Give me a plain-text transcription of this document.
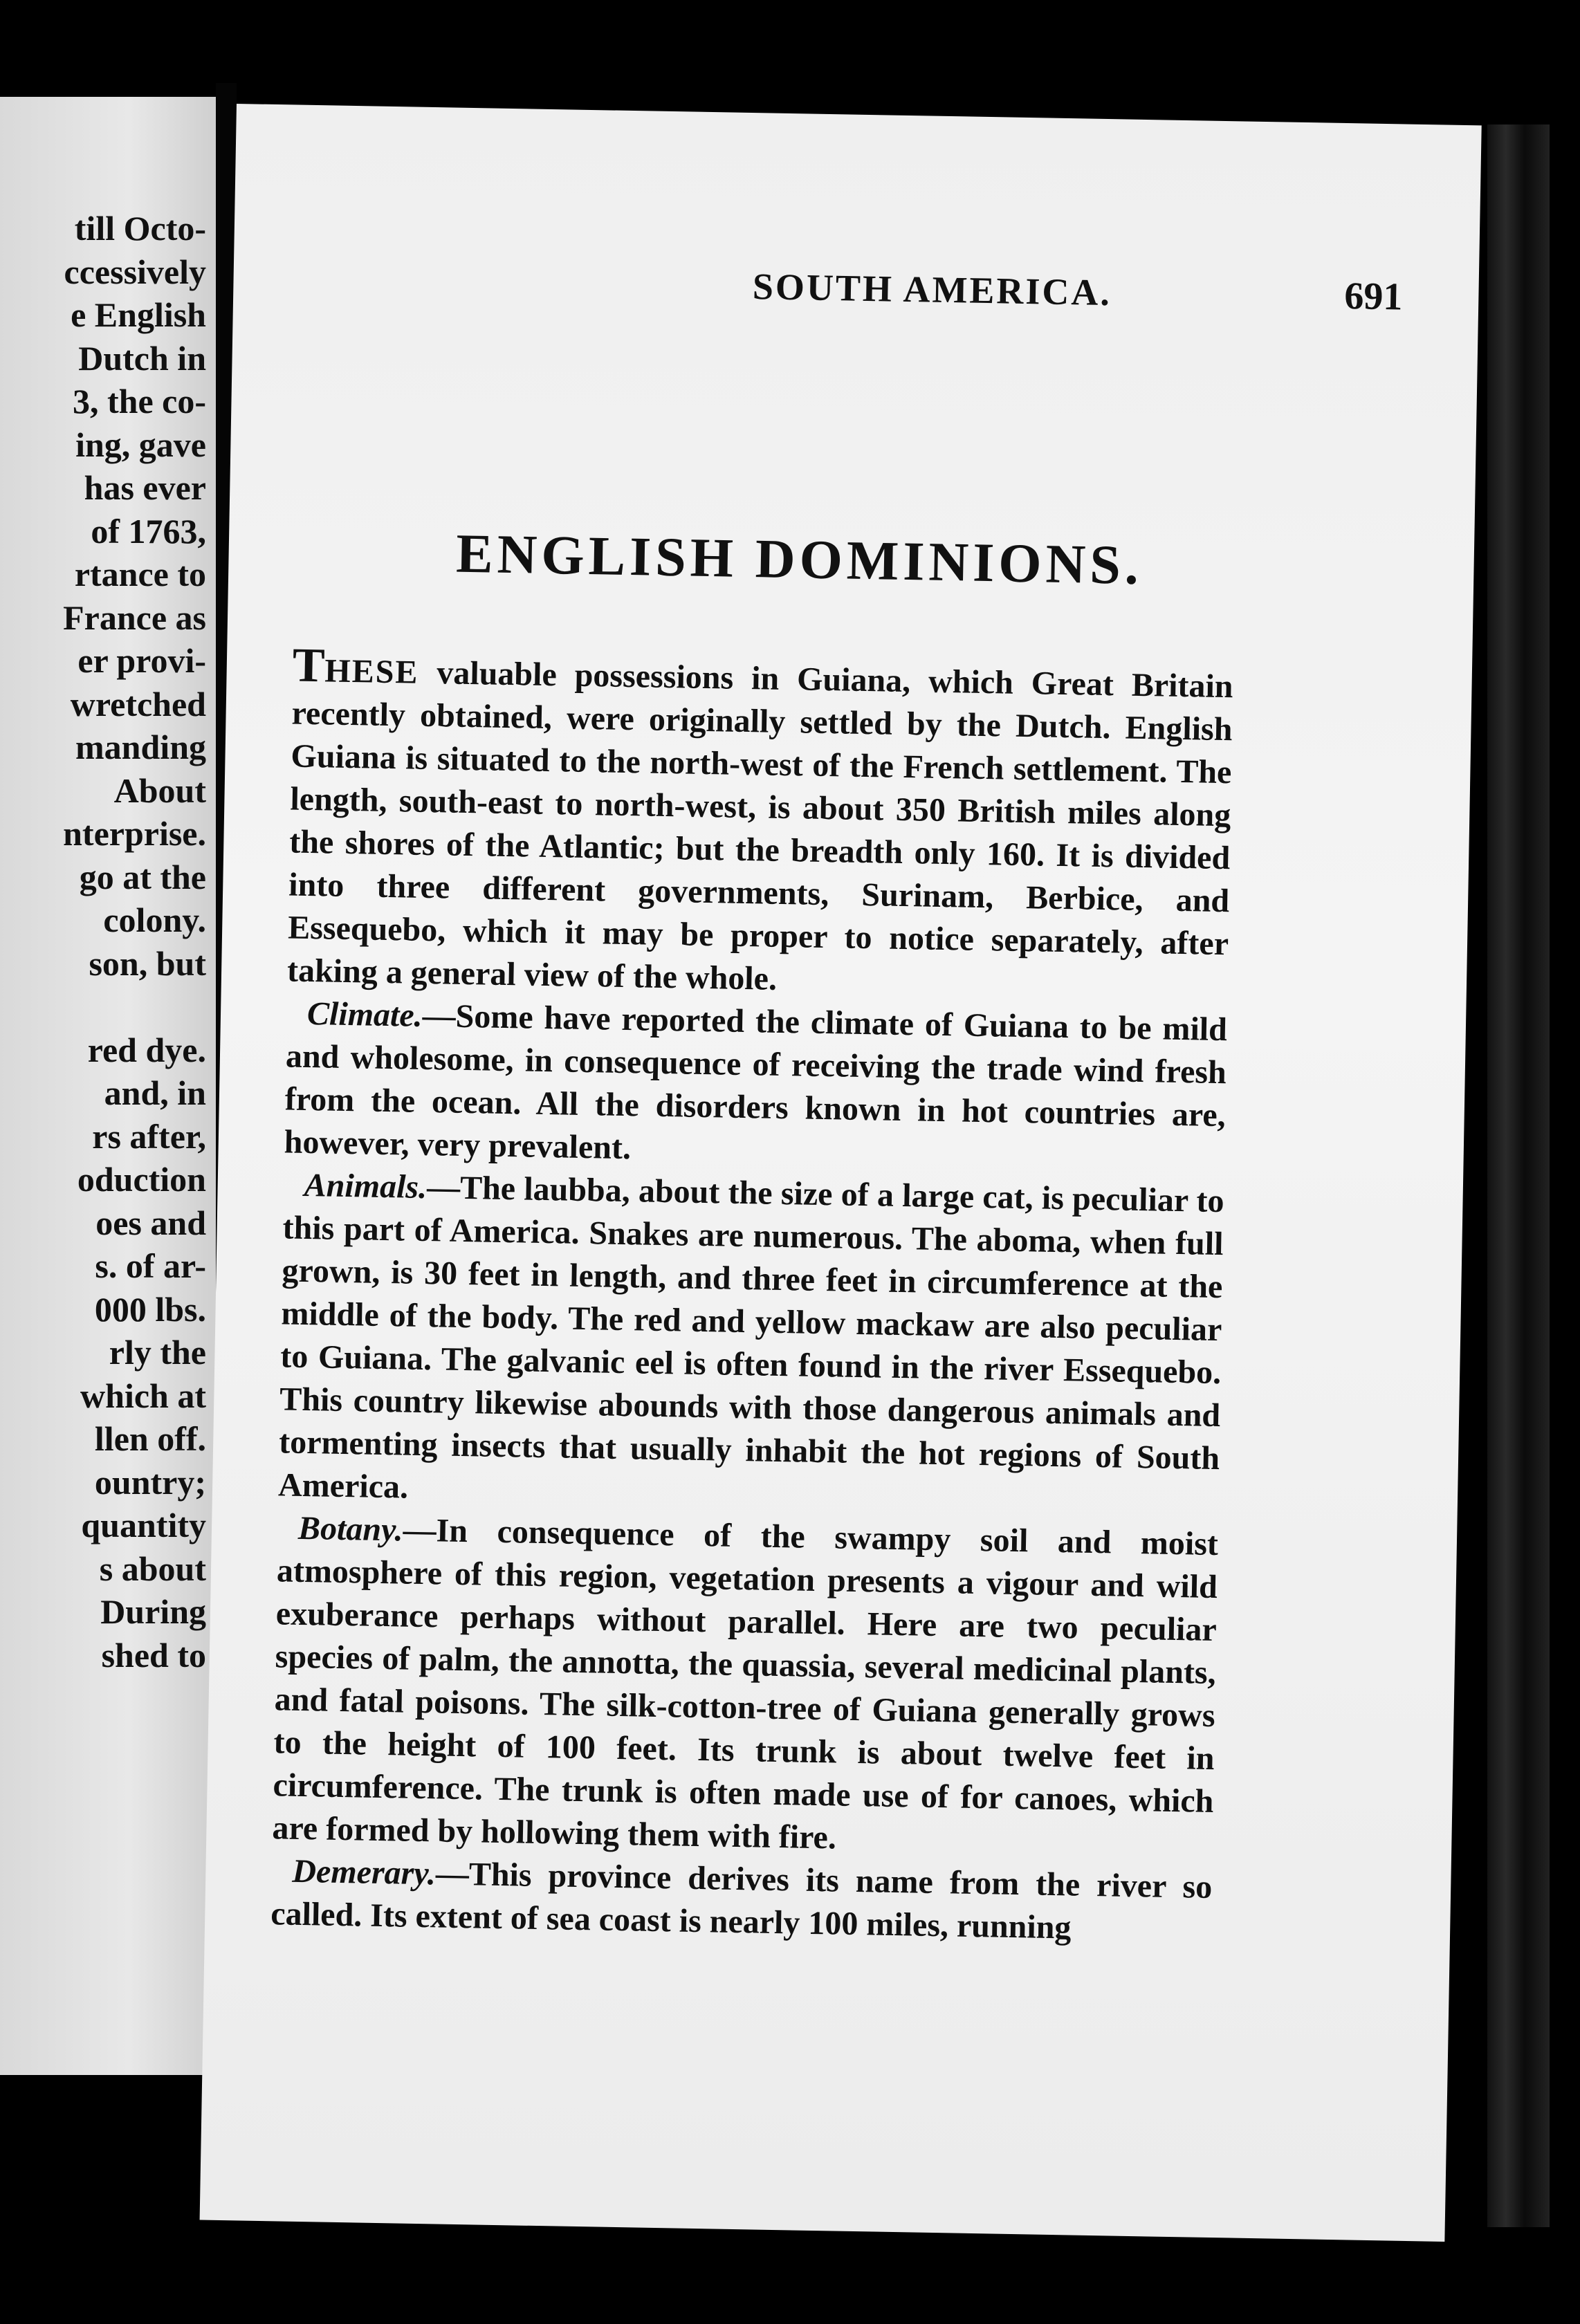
till Octo-
ccessively
e English
Dutch in
3, the co-
ing, gave
has ever
of 1763,
rtance to
France as
er provi-
wretched
manding
About
nterprise.
go at the
colony.
son, but
red dye.
and, in
rs after,
oduction
oes and
s. of ar-
000 lbs.
rly the
which at
llen off.
ountry;
quantity
s about
During
shed to
SOUTH AMERICA.	691
ENGLISH DOMINIONS.

THESE valuable possessions in Guiana, which Great Britain recently obtained, were originally settled by the Dutch. English Guiana is situated to the north-west of the French settlement. The length, south-east to north-west, is about 350 British miles along the shores of the Atlantic; but the breadth only 160. It is divided into three different governments, Surinam, Berbice, and Essequebo, which it may be proper to notice separately, after taking a general view of the whole.

Climate.—Some have reported the climate of Guiana to be mild and wholesome, in consequence of receiving the trade wind fresh from the ocean. All the disorders known in hot countries are, however, very prevalent.

Animals.—The laubba, about the size of a large cat, is peculiar to this part of America. Snakes are numerous. The aboma, when full grown, is 30 feet in length, and three feet in circumference at the middle of the body. The red and yellow mackaw are also peculiar to Guiana. The galvanic eel is often found in the river Essequebo. This country likewise abounds with those dangerous animals and tormenting insects that usually inhabit the hot regions of South America.

Botany.—In consequence of the swampy soil and moist atmosphere of this region, vegetation presents a vigour and wild exuberance perhaps without parallel. Here are two peculiar species of palm, the annotta, the quassia, several medicinal plants, and fatal poisons. The silk-cotton-tree of Guiana generally grows to the height of 100 feet. Its trunk is about twelve feet in circumference. The trunk is often made use of for canoes, which are formed by hollowing them with fire.

Demerary.—This province derives its name from the river so called. Its extent of sea coast is nearly 100 miles, running
